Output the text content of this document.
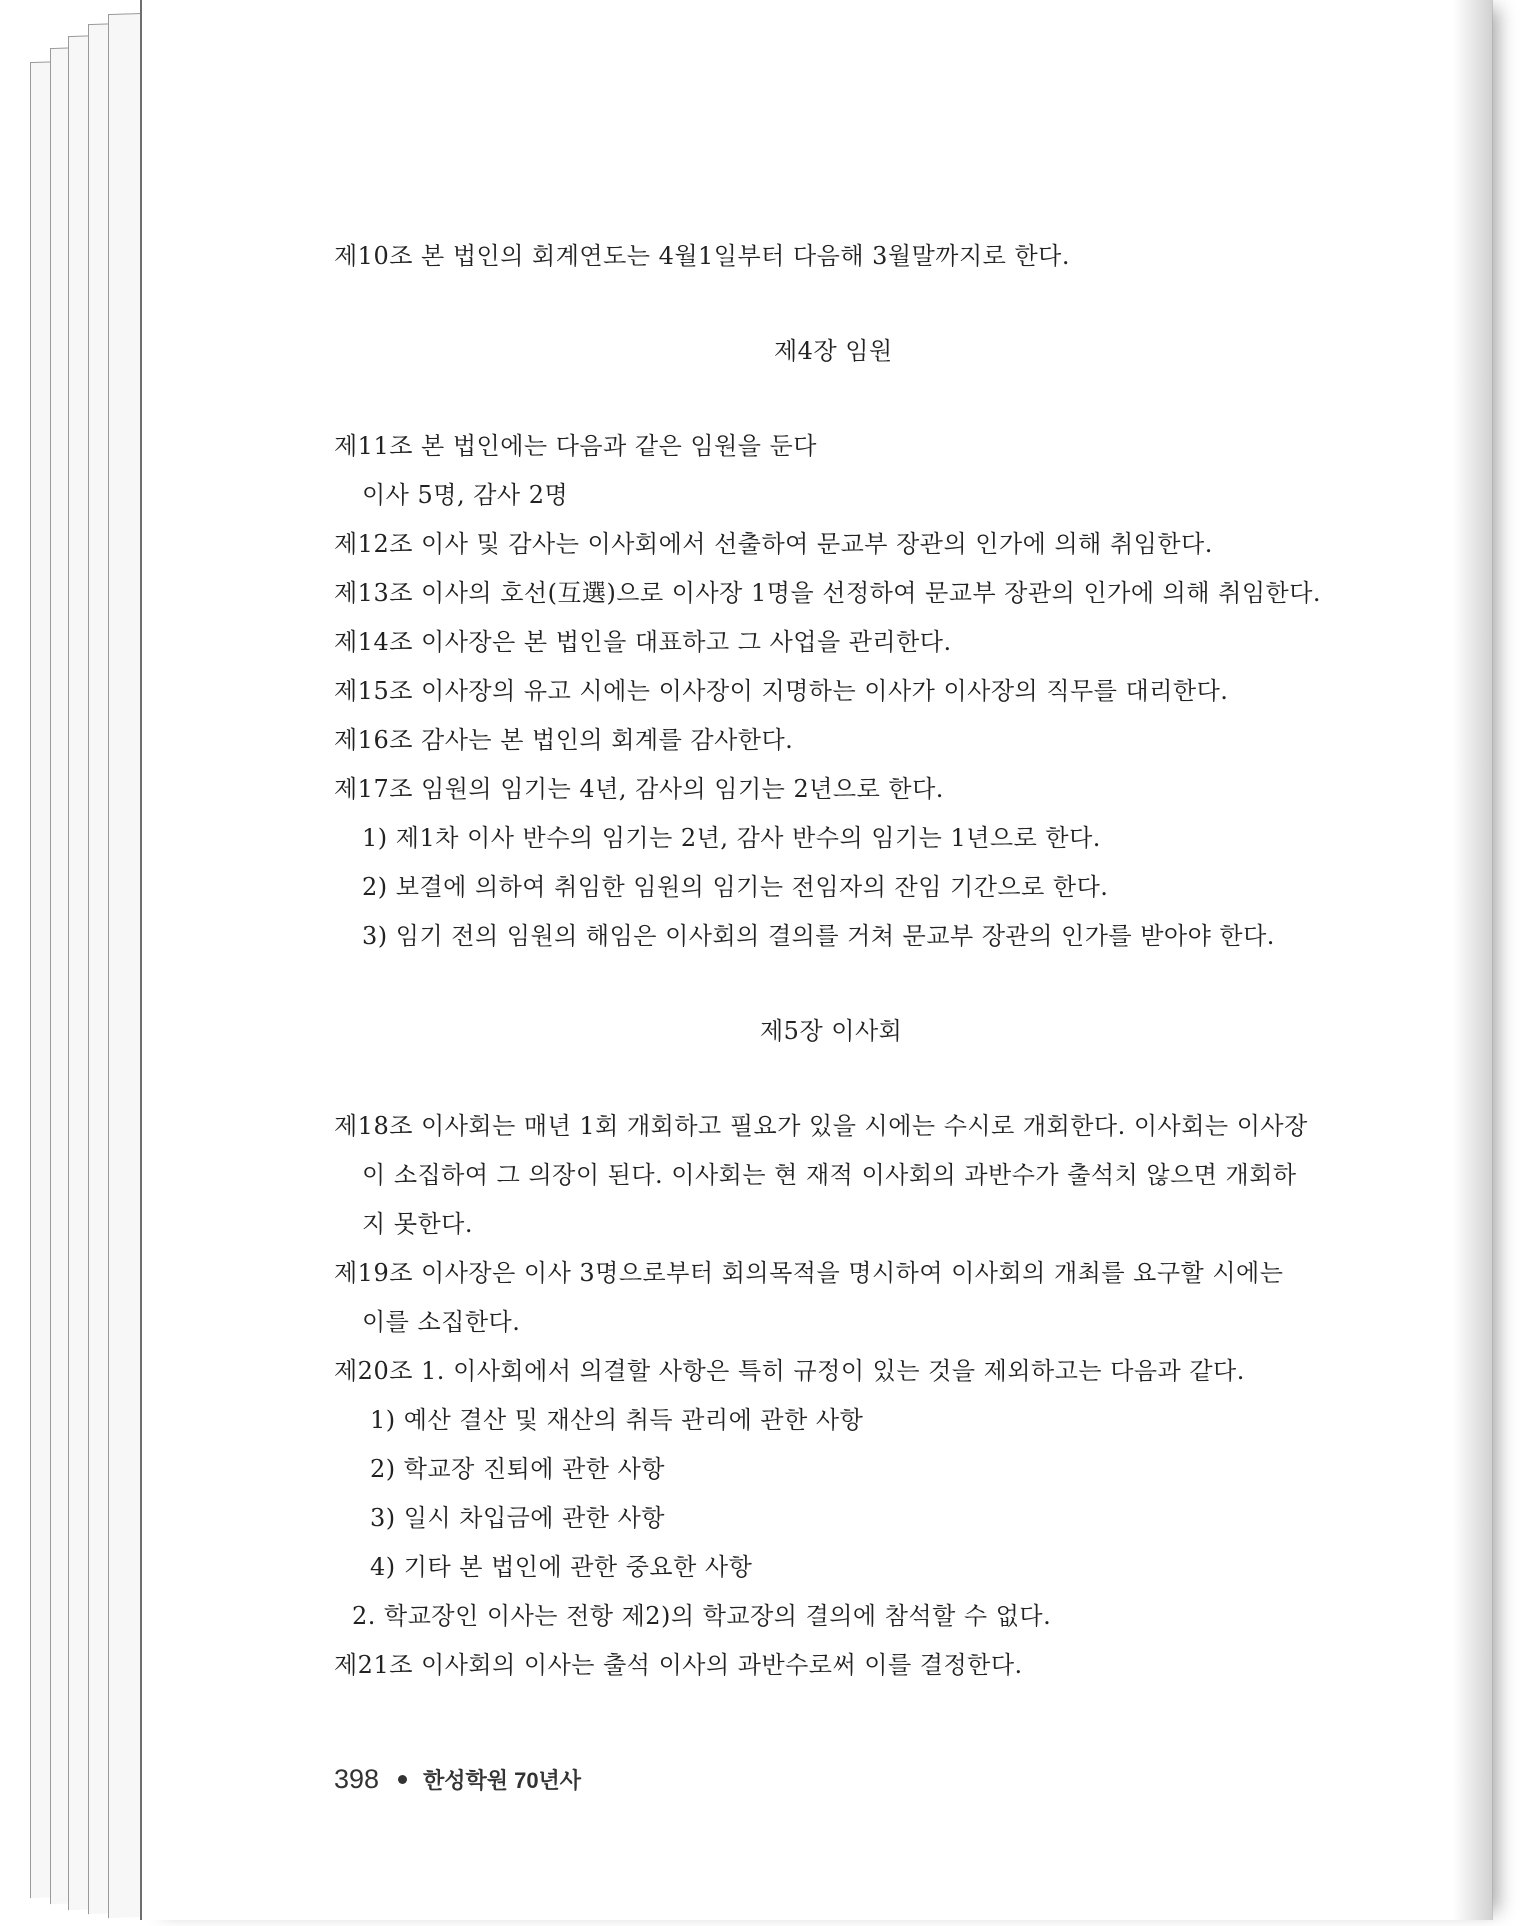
제10조 본 법인의 회계연도는 4월1일부터 다음해 3월말까지로 한다.
제4장 임원
제11조 본 법인에는 다음과 같은 임원을 둔다
이사 5명, 감사 2명
제12조 이사 및 감사는 이사회에서 선출하여 문교부 장관의 인가에 의해 취임한다.
제13조 이사의 호선(互選)으로 이사장 1명을 선정하여 문교부 장관의 인가에 의해 취임한다.
제14조 이사장은 본 법인을 대표하고 그 사업을 관리한다.
제15조 이사장의 유고 시에는 이사장이 지명하는 이사가 이사장의 직무를 대리한다.
제16조 감사는 본 법인의 회계를 감사한다.
제17조 임원의 임기는 4년, 감사의 임기는 2년으로 한다.
1) 제1차 이사 반수의 임기는 2년, 감사 반수의 임기는 1년으로 한다.
2) 보결에 의하여 취임한 임원의 임기는 전임자의 잔임 기간으로 한다.
3) 임기 전의 임원의 해임은 이사회의 결의를 거쳐 문교부 장관의 인가를 받아야 한다.
제5장 이사회
제18조 이사회는 매년 1회 개회하고 필요가 있을 시에는 수시로 개회한다. 이사회는 이사장
이 소집하여 그 의장이 된다. 이사회는 현 재적 이사회의 과반수가 출석치 않으면 개회하
지 못한다.
제19조 이사장은 이사 3명으로부터 회의목적을 명시하여 이사회의 개최를 요구할 시에는
이를 소집한다.
제20조 1. 이사회에서 의결할 사항은 특히 규정이 있는 것을 제외하고는 다음과 같다.
1) 예산 결산 및 재산의 취득 관리에 관한 사항
2) 학교장 진퇴에 관한 사항
3) 일시 차입금에 관한 사항
4) 기타 본 법인에 관한 중요한 사항
2. 학교장인 이사는 전항 제2)의 학교장의 결의에 참석할 수 없다.
제21조 이사회의 이사는 출석 이사의 과반수로써 이를 결정한다.
398 한성학원 70년사
